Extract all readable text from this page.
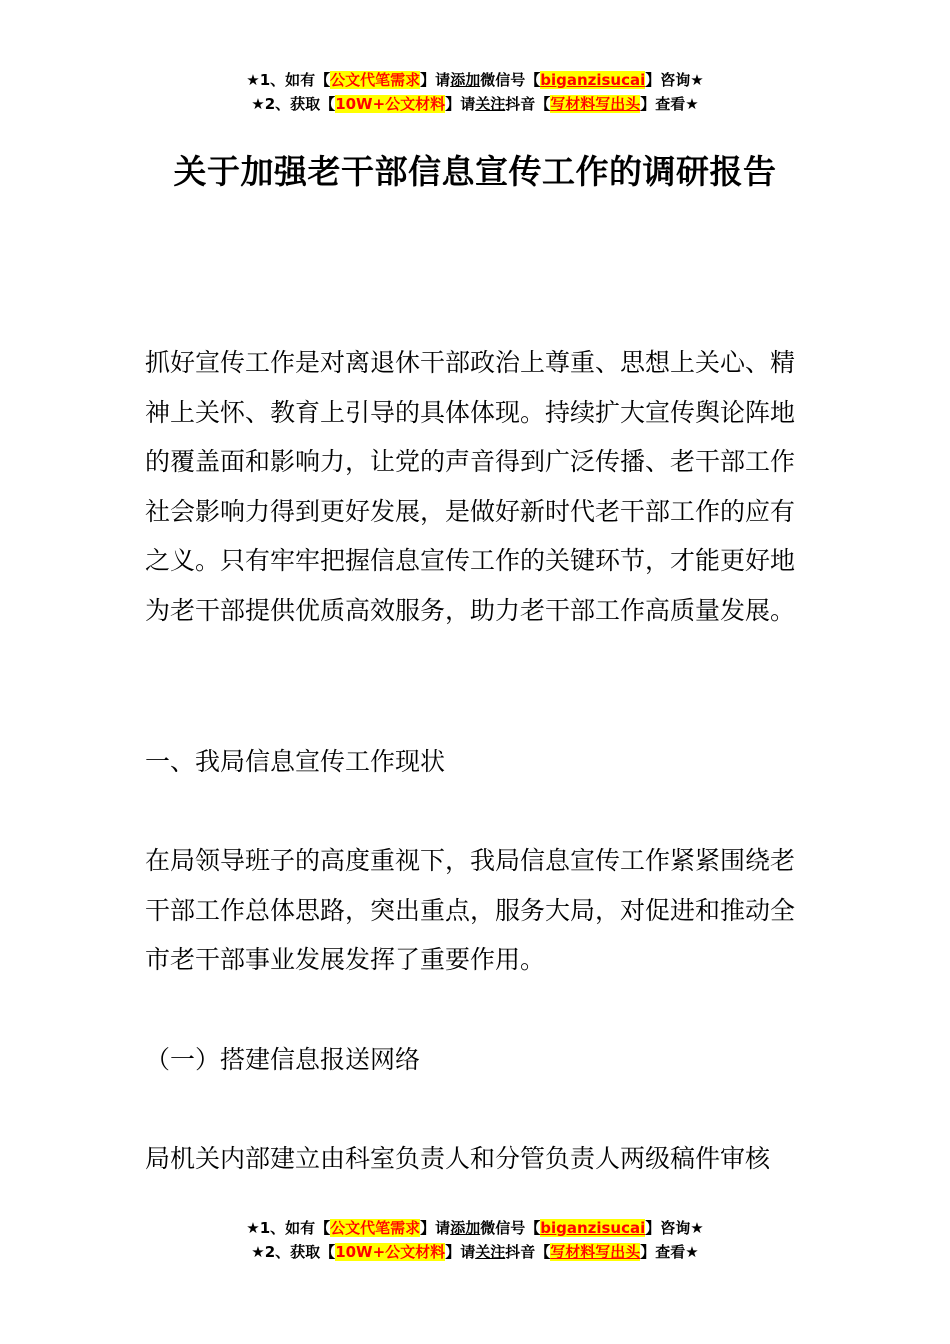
★1、如有【公文代笔需求】请添加微信号【biganzisucai】咨询★
★2、获取【10W+公文材料】请关注抖音【写材料写出头】查看★
关于加强老干部信息宣传工作的调研报告

抓好宣传工作是对离退休干部政治上尊重、思想上关心、精神上关怀、教育上引导的具体体现。持续扩大宣传舆论阵地的覆盖面和影响力，让党的声音得到广泛传播、老干部工作社会影响力得到更好发展，是做好新时代老干部工作的应有之义。只有牢牢把握信息宣传工作的关键环节，才能更好地为老干部提供优质高效服务，助力老干部工作高质量发展。

一、我局信息宣传工作现状

在局领导班子的高度重视下，我局信息宣传工作紧紧围绕老干部工作总体思路，突出重点，服务大局，对促进和推动全市老干部事业发展发挥了重要作用。

（一）搭建信息报送网络

局机关内部建立由科室负责人和分管负责人两级稿件审核

★1、如有【公文代笔需求】请添加微信号【biganzisucai】咨询★
★2、获取【10W+公文材料】请关注抖音【写材料写出头】查看★
